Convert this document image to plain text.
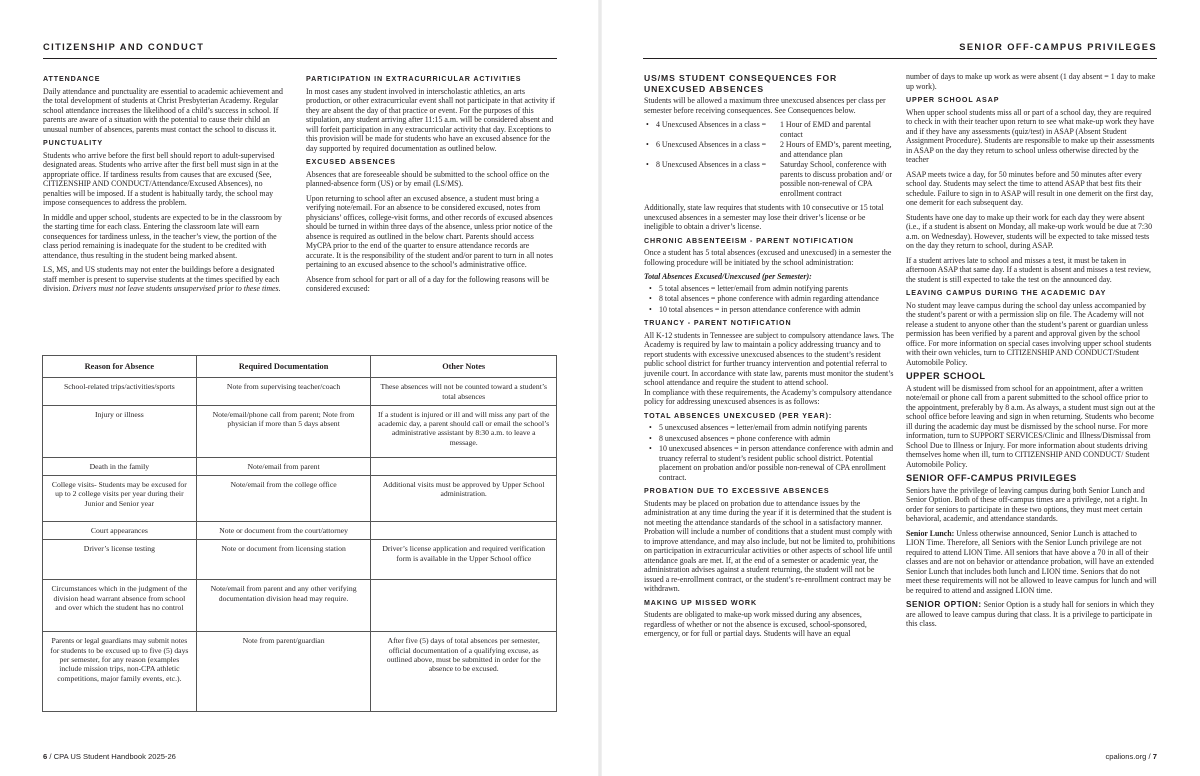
CITIZENSHIP AND CONDUCT
ATTENDANCE

Daily attendance and punctuality are essential to academic achievement and the total development of students at Christ Presbyterian Academy. Regular school attendance increases the likelihood of a child’s success in school. If parents are aware of a situation with the potential to cause their child an unusual number of absences, parents must contact the school to discuss it.

PUNCTUALITY

Students who arrive before the first bell should report to adult-supervised designated areas. Students who arrive after the first bell must sign in at the appropriate office. If tardiness results from causes that are excused (See, CITIZENSHIP AND CONDUCT/Attendance/Excused Absences), no penalties will be imposed. If a student is habitually tardy, the school may impose consequences to address the problem.

In middle and upper school, students are expected to be in the classroom by the starting time for each class. Entering the classroom late will earn consequences for tardiness unless, in the teacher’s view, the portion of the class period remaining is inadequate for the student to be credited with attendance, thus resulting in the student being marked absent.

LS, MS, and US students may not enter the buildings before a designated staff member is present to supervise students at the times specified by each division. Drivers must not leave students unsupervised prior to these times.

PARTICIPATION IN EXTRACURRICULAR ACTIVITIES

In most cases any student involved in interscholastic athletics, an arts production, or other extracurricular event shall not participate in that activity if they are absent the day of that practice or event. For the purposes of this stipulation, any student arriving after 11:15 a.m. will be considered absent and will forfeit participation in any extracurricular activity that day. Exceptions to this provision will be made for students who have an excused absence for the day supported by required documentation as outlined below.

EXCUSED ABSENCES

Absences that are foreseeable should be submitted to the school office on the planned-absence form (US) or by email (LS/MS).

Upon returning to school after an excused absence, a student must bring a verifying note/email. For an absence to be considered excused, notes from physicians’ offices, college-visit forms, and other records of excused absences should be turned in within three days of the absence, unless prior notice of the absence is required as outlined in the below chart. Parents should access MyCPA prior to the end of the quarter to ensure attendance records are accurate. It is the responsibility of the student and/or parent to turn in all notes pertaining to an excused absence to the school’s administrative office.

Absence from school for part or all of a day for the following reasons will be considered excused:

Reason for Absence	Required Documentation	Other Notes
School-related trips/activities/sports	Note from supervising teacher/coach	These absences will not be counted toward a student’s total absences
Injury or illness	Note/email/phone call from parent; Note from physician if more than 5 days absent	If a student is injured or ill and will miss any part of the academic day, a parent should call or email the school’s administrative assistant by 8:30 a.m. to leave a message.
Death in the family	Note/email from parent	
College visits- Students may be excused for up to 2 college visits per year during their Junior and Senior year	Note/email from the college office	Additional visits must be approved by Upper School administration.
Court appearances	Note or document from the court/attorney	
Driver’s license testing	Note or document from licensing station	Driver’s license application and required verification form is available in the Upper School office
Circumstances which in the judgment of the division head warrant absence from school and over which the student has no control	Note/email from parent and any other verifying documentation division head may require.	
Parents or legal guardians may submit notes for students to be excused up to five (5) days per semester, for any reason (examples include mission trips, non-CPA athletic competitions, major family events, etc.).	Note from parent/guardian	After five (5) days of total absences per semester, official documentation of a qualifying excuse, as outlined above, must be submitted in order for the absence to be excused.
6 / CPA US Student Handbook 2025-26
SENIOR OFF-CAMPUS PRIVILEGES
US/MS STUDENT CONSEQUENCES FOR UNEXCUSED ABSENCES

Students will be allowed a maximum three unexcused absences per class per semester before receiving consequences. See Consequences below.

• 4 Unexcused Absences in a class =	1 Hour of EMD and parental contact
• 6 Unexcused Absences in a class =	2 Hours of EMD’s, parent meeting, and attendance plan
• 8 Unexcused Absences in a class =	Saturday School, conference with parents to discuss probation and/ or possible non-renewal of CPA enrollment contract

Additionally, state law requires that students with 10 consecutive or 15 total unexcused absences in a semester may lose their driver’s license or be ineligible to obtain a driver’s license.

CHRONIC ABSENTEEISM - PARENT NOTIFICATION

Once a student has 5 total absences (excused and unexcused) in a semester the following procedure will be initiated by the school administration:

Total Absences Excused/Unexcused (per Semester):
• 5 total absences = letter/email from admin notifying parents
• 8 total absences = phone conference with admin regarding attendance
• 10 total absences = in person attendance conference with admin
TRUANCY - PARENT NOTIFICATION

All K-12 students in Tennessee are subject to compulsory attendance laws. The Academy is required by law to maintain a policy addressing truancy and to report students with excessive unexcused absences to the student’s resident public school district for further truancy intervention and potential referral to juvenile court. In accordance with state law, parents must monitor the student’s school attendance and require the student to attend school.

In compliance with these requirements, the Academy’s compulsory attendance policy for addressing unexcused absences is as follows:

TOTAL ABSENCES UNEXCUSED (PER YEAR):
• 5 unexcused absences = letter/email from admin notifying parents
• 8 unexcused absences = phone conference with admin
• 10 unexcused absences = in person attendance conference with admin and truancy referral to student’s resident public school district. Potential placement on probation and/or possible non-renewal of CPA enrollment contract.
PROBATION DUE TO EXCESSIVE ABSENCES

Students may be placed on probation due to attendance issues by the administration at any time during the year if it is determined that the student is not meeting the attendance standards of the school in a satisfactory manner. Probation will include a number of conditions that a student must comply with to improve attendance, and may also include, but not be limited to, prohibitions on participation in extracurricular activities or other aspects of school life until attendance goals are met. If, at the end of a semester or academic year, the administration advises against a student returning, the student will not be issued a re-enrollment contract, or the student’s re-enrollment contract may be withdrawn.

MAKING UP MISSED WORK

Students are obligated to make-up work missed during any absences, regardless of whether or not the absence is excused, school-sponsored, emergency, or for full or partial days. Students will have an equal

number of days to make up work as were absent (1 day absent = 1 day to make up work).

UPPER SCHOOL ASAP

When upper school students miss all or part of a school day, they are required to check in with their teacher upon return to see what make-up work they have and if they have any assessments (quiz/test) in ASAP (Absent Student Assignment Procedure). Students are responsible to make up their assessments in ASAP on the day they return to school unless otherwise directed by the teacher

ASAP meets twice a day, for 50 minutes before and 50 minutes after every school day. Students may select the time to attend ASAP that best fits their schedule. Failure to sign in to ASAP will result in one demerit on the first day, one demerit for each subsequent day.

Students have one day to make up their work for each day they were absent (i.e., if a student is absent on Monday, all make-up work would be due at 7:30 a.m. on Wednesday). However, students will be expected to take missed tests on the day they return to school, during ASAP.

If a student arrives late to school and misses a test, it must be taken in afternoon ASAP that same day. If a student is absent and misses a test review, the student is still expected to take the test on the announced day.

LEAVING CAMPUS DURING THE ACADEMIC DAY

No student may leave campus during the school day unless accompanied by the student’s parent or with a permission slip on file. The Academy will not release a student to anyone other than the student’s parent or guardian unless permission has been verified by a parent and approval given by the school office. For more information on special cases involving upper school students with their own vehicles, turn to CITIZENSHIP AND CONDUCT/Student Automobile Policy.

UPPER SCHOOL

A student will be dismissed from school for an appointment, after a written note/email or phone call from a parent submitted to the school office prior to the appointment, preferably by 8 a.m. As always, a student must sign out at the school office before leaving and sign in when returning. Students who become ill during the academic day must be dismissed by the school nurse. For more information, turn to SUPPORT SERVICES/Clinic and Illness/Dismissal from School Due to Illness or Injury. For more information about students driving themselves home when ill, turn to CITIZENSHIP AND CONDUCT/ Student Automobile Policy.

SENIOR OFF-CAMPUS PRIVILEGES

Seniors have the privilege of leaving campus during both Senior Lunch and Senior Option. Both of these off-campus times are a privilege, not a right. In order for seniors to participate in these two options, they must meet certain behavioral, academic, and attendance standards.

Senior Lunch: Unless otherwise announced, Senior Lunch is attached to LION Time. Therefore, all Seniors with the Senior Lunch privilege are not required to attend LION Time. All seniors that have above a 70 in all of their classes and are not on behavior or attendance probation, will have an extended Senior Lunch that includes both lunch and LION time. Seniors that do not meet these requirements will not be allowed to leave campus for lunch and will be required to attend and assigned LION time.

SENIOR OPTION: Senior Option is a study hall for seniors in which they are allowed to leave campus during that class. It is a privilege to participate in this class.

cpalions.org / 7
